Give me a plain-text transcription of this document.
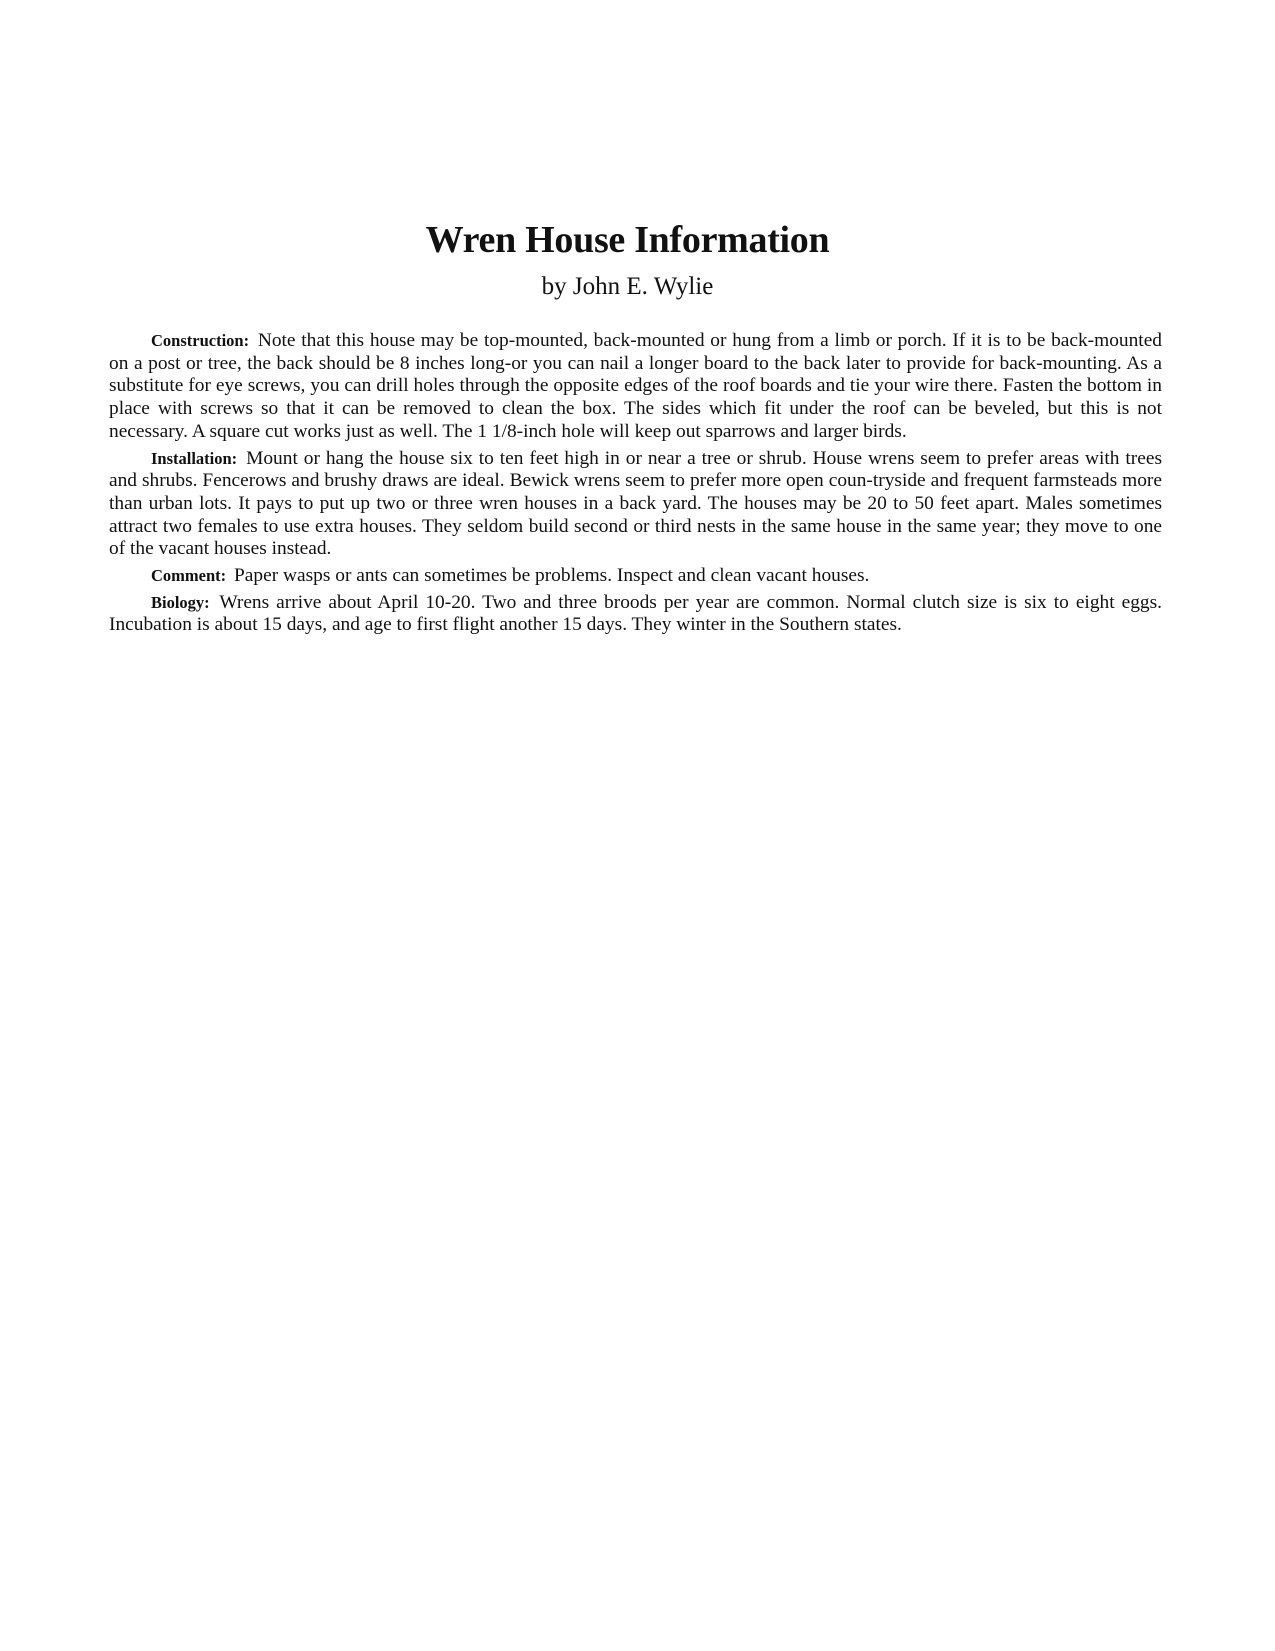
Wren House Information

by John E. Wylie

Construction: Note that this house may be top-mounted, back-mounted or hung from a limb or porch. If it is to be back-mounted on a post or tree, the back should be 8 inches long-or you can nail a longer board to the back later to provide for back-mounting. As a substitute for eye screws, you can drill holes through the opposite edges of the roof boards and tie your wire there. Fasten the bottom in place with screws so that it can be removed to clean the box. The sides which fit under the roof can be beveled, but this is not necessary. A square cut works just as well. The 1 1/8-inch hole will keep out sparrows and larger birds.

Installation: Mount or hang the house six to ten feet high in or near a tree or shrub. House wrens seem to prefer areas with trees and shrubs. Fencerows and brushy draws are ideal. Bewick wrens seem to prefer more open coun-tryside and frequent farmsteads more than urban lots. It pays to put up two or three wren houses in a back yard. The houses may be 20 to 50 feet apart. Males sometimes attract two females to use extra houses. They seldom build second or third nests in the same house in the same year; they move to one of the vacant houses instead.

Comment: Paper wasps or ants can sometimes be problems. Inspect and clean vacant houses.

Biology: Wrens arrive about April 10-20. Two and three broods per year are common. Normal clutch size is six to eight eggs. Incubation is about 15 days, and age to first flight another 15 days. They winter in the Southern states.
